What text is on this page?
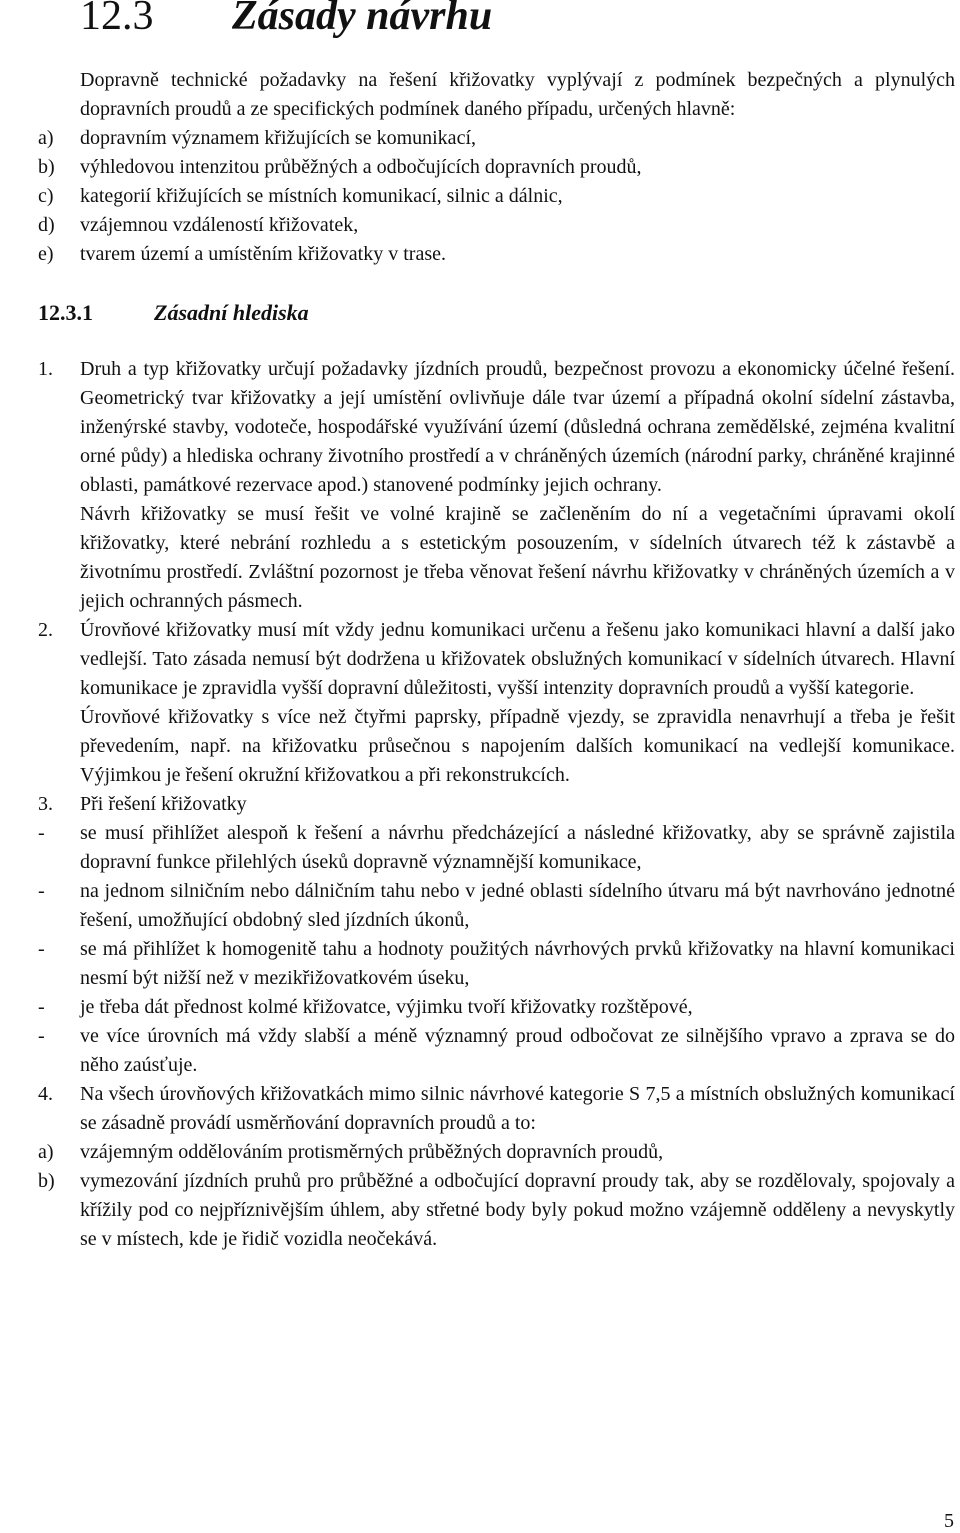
12.3 Zásady návrhu

Dopravně technické požadavky na řešení křižovatky vyplývají z podmínek bezpečných a plynulých dopravních proudů a ze specifických podmínek daného případu, určených hlavně:

a) dopravním významem křižujících se komunikací,
b) výhledovou intenzitou průběžných a odbočujících dopravních proudů,
c) kategorií křižujících se místních komunikací, silnic a dálnic,
d) vzájemnou vzdáleností křižovatek,
e) tvarem území a umístěním křižovatky v trase.
12.3.1	Zásadní hlediska
1.	Druh a typ křižovatky určují požadavky jízdních proudů, bezpečnost provozu a ekonomicky účelné řešení. Geometrický tvar křižovatky a její umístění ovlivňuje dále tvar území a případná okolní sídelní zástavba, inženýrské stavby, vodoteče, hospodářské využívání území (důsledná ochrana zemědělské, zejména kvalitní orné půdy) a hlediska ochrany životního prostředí a v chráněných územích (národní parky, chráněné krajinné oblasti, památkové rezervace apod.) stanovené podmínky jejich ochrany.

Návrh křižovatky se musí řešit ve volné krajině se začleněním do ní a vegetačními úpravami okolí křižovatky, které nebrání rozhledu a s estetickým posouzením, v sídelních útvarech též k zástavbě a životnímu prostředí. Zvláštní pozornost je třeba věnovat řešení návrhu křižovatky v chráněných územích a v jejich ochranných pásmech.

2.	Úrovňové křižovatky musí mít vždy jednu komunikaci určenu a řešenu jako komunikaci hlavní a další jako vedlejší. Tato zásada nemusí být dodržena u křižovatek obslužných komunikací v sídelních útvarech. Hlavní komunikace je zpravidla vyšší dopravní důležitosti, vyšší intenzity dopravních proudů a vyšší kategorie.

Úrovňové křižovatky s více než čtyřmi paprsky, případně vjezdy, se zpravidla nenavrhují a třeba je řešit převedením, např. na křižovatku průsečnou s napojením dalších komunikací na vedlejší komunikace. Výjimkou je řešení okružní křižovatkou a při rekonstrukcích.

3.	Při řešení křižovatky

-	se musí přihlížet alespoň k řešení a návrhu předcházející a následné křižovatky, aby se správně zajistila dopravní funkce přilehlých úseků dopravně významnější komunikace,

-	na jednom silničním nebo dálničním tahu nebo v jedné oblasti sídelního útvaru má být navrhováno jednotné řešení, umožňující obdobný sled jízdních úkonů,

-	se má přihlížet k homogenitě tahu a hodnoty použitých návrhových prvků křižovatky na hlavní komunikaci nesmí být nižší než v mezikřižovatkovém úseku,

-	je třeba dát přednost kolmé křižovatce, výjimku tvoří křižovatky rozštěpové,

-	ve více úrovních má vždy slabší a méně významný proud odbočovat ze silnějšího vpravo a zprava se do něho zaúsťuje.

4.	Na všech úrovňových křižovatkách mimo silnic návrhové kategorie S 7,5 a místních obslužných komunikací se zásadně provádí usměrňování dopravních proudů a to:

a)	vzájemným oddělováním protisměrných průběžných dopravních proudů,

b)	vymezování jízdních pruhů pro průběžné a odbočující dopravní proudy tak, aby se rozdělovaly, spojovaly a křížily pod co nejpříznivějším úhlem, aby střetné body byly pokud možno vzájemně odděleny a nevyskytly se v místech, kde je řidič vozidla neočekává.

5
